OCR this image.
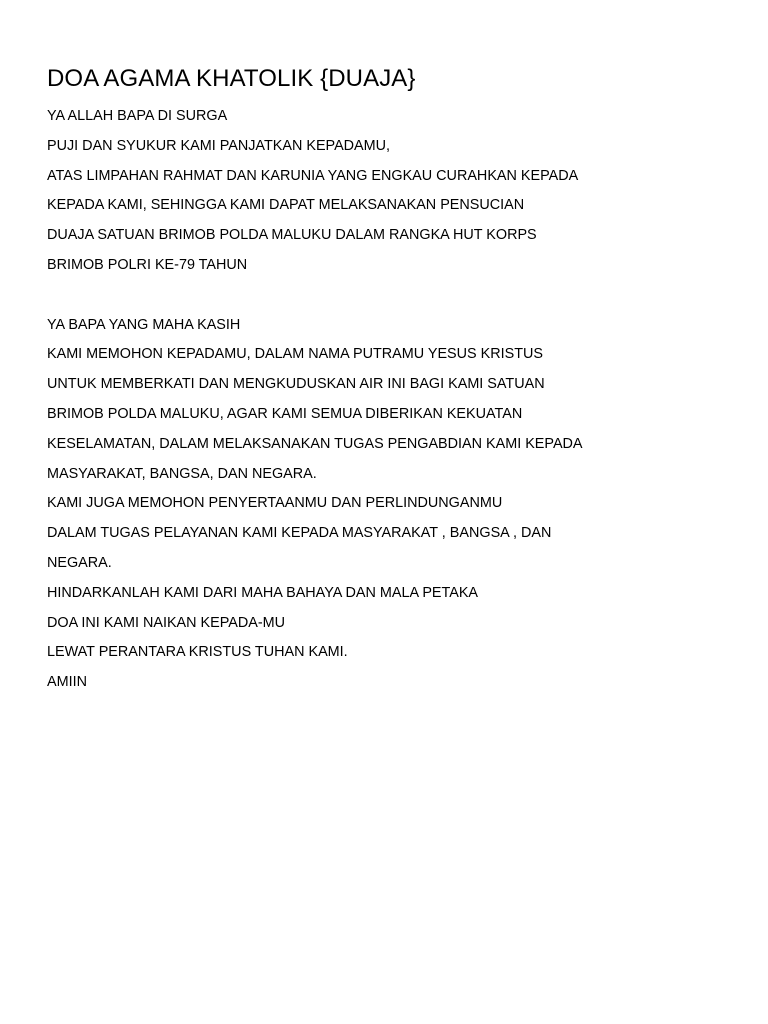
DOA AGAMA KHATOLIK {DUAJA}

YA ALLAH BAPA DI SURGA

PUJI DAN SYUKUR KAMI PANJATKAN KEPADAMU,

ATAS LIMPAHAN RAHMAT DAN KARUNIA YANG ENGKAU CURAHKAN KEPADA

KEPADA KAMI, SEHINGGA KAMI DAPAT MELAKSANAKAN PENSUCIAN

DUAJA SATUAN BRIMOB POLDA MALUKU DALAM RANGKA HUT KORPS

BRIMOB POLRI KE-79 TAHUN

YA BAPA YANG MAHA KASIH

KAMI MEMOHON KEPADAMU, DALAM NAMA PUTRAMU YESUS KRISTUS

UNTUK MEMBERKATI DAN MENGKUDUSKAN AIR INI BAGI KAMI SATUAN

BRIMOB POLDA MALUKU, AGAR KAMI SEMUA DIBERIKAN KEKUATAN

KESELAMATAN, DALAM MELAKSANAKAN TUGAS PENGABDIAN KAMI KEPADA

MASYARAKAT, BANGSA, DAN NEGARA.

KAMI JUGA MEMOHON PENYERTAANMU DAN PERLINDUNGANMU

DALAM TUGAS PELAYANAN KAMI KEPADA MASYARAKAT , BANGSA , DAN

NEGARA.

HINDARKANLAH KAMI DARI MAHA BAHAYA DAN MALA PETAKA

DOA INI KAMI NAIKAN KEPADA-MU

LEWAT PERANTARA KRISTUS TUHAN KAMI.

AMIIN
